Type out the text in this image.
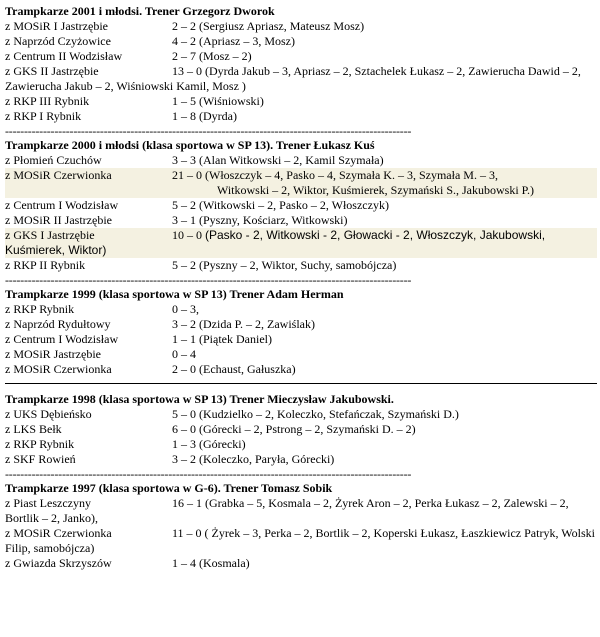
Trampkarze 2001 i młodsi. Trener Grzegorz Dworok
z MOSiR I Jastrzębie	2 – 2 (Sergiusz Apriasz, Mateusz Mosz)
z Naprzód Czyżowice	4 – 2 (Apriasz – 3, Mosz)
z Centrum II Wodzisław	2 – 7 (Mosz – 2)
z GKS II Jastrzębie	13 – 0 (Dyrda Jakub – 3, Apriasz – 2, Sztachelek Łukasz – 2, Zawierucha Dawid – 2, Zawierucha Jakub – 2, Wiśniowski Kamil, Mosz )
z RKP III Rybnik	1 – 5 (Wiśniowski)
z RKP I Rybnik	1 – 8 (Dyrda)
-----------------------------------------------------------------------------------------------------------
Trampkarze 2000 i młodsi (klasa sportowa w SP 13). Trener Łukasz Kuś
z Płomień Czuchów	3 – 3 (Alan Witkowski – 2, Kamil Szymała)
z MOSiR Czerwionka	21 – 0 (Włoszczyk – 4, Pasko – 4, Szymała K. – 3, Szymała M. – 3,
Witkowski – 2, Wiktor, Kuśmierek, Szymański S., Jakubowski P.)
z Centrum I Wodzisław	5 – 2 (Witkowski – 2, Pasko – 2, Włoszczyk)
z MOSiR II Jastrzębie	3 – 1 (Pyszny, Kościarz, Witkowski)
z GKS I Jastrzębie	10 – 0 (Pasko - 2, Witkowski - 2, Głowacki - 2, Włoszczyk, Jakubowski, Kuśmierek, Wiktor)
z RKP II Rybnik	5 – 2 (Pyszny – 2, Wiktor, Suchy, samobójcza)
-----------------------------------------------------------------------------------------------------------
Trampkarze 1999 (klasa sportowa w SP 13) Trener Adam Herman
z RKP Rybnik	0 – 3,
z Naprzód Rydułtowy	3 – 2 (Dzida P. – 2, Zawiślak)
z Centrum I Wodzisław	1 – 1 (Piątek Daniel)
z MOSiR Jastrzębie	0 – 4
z MOSiR Czerwionka	2 – 0 (Echaust, Gałuszka)
Trampkarze 1998 (klasa sportowa w SP 13) Trener Mieczysław Jakubowski.
z UKS Dębieńsko	5 – 0 (Kudzielko – 2, Koleczko, Stefańczak, Szymański D.)
z LKS Bełk	6 – 0 (Górecki – 2, Pstrong – 2, Szymański D. – 2)
z RKP Rybnik	1 – 3 (Górecki)
z SKF Rowień	3 – 2 (Koleczko, Paryła, Górecki)
-----------------------------------------------------------------------------------------------------------
Trampkarze 1997 (klasa sportowa w G-6). Trener Tomasz Sobik
z Piast Leszczyny	16 – 1 (Grabka – 5, Kosmala – 2, Żyrek Aron – 2, Perka Łukasz – 2, Zalewski – 2, Bortlik – 2, Janko),
z MOSiR Czerwionka	11 – 0 ( Żyrek – 3, Perka – 2, Bortlik – 2, Koperski Łukasz, Łaszkiewicz Patryk, Wolski Filip, samobójcza)
z Gwiazda Skrzyszów	1 – 4 (Kosmala)
